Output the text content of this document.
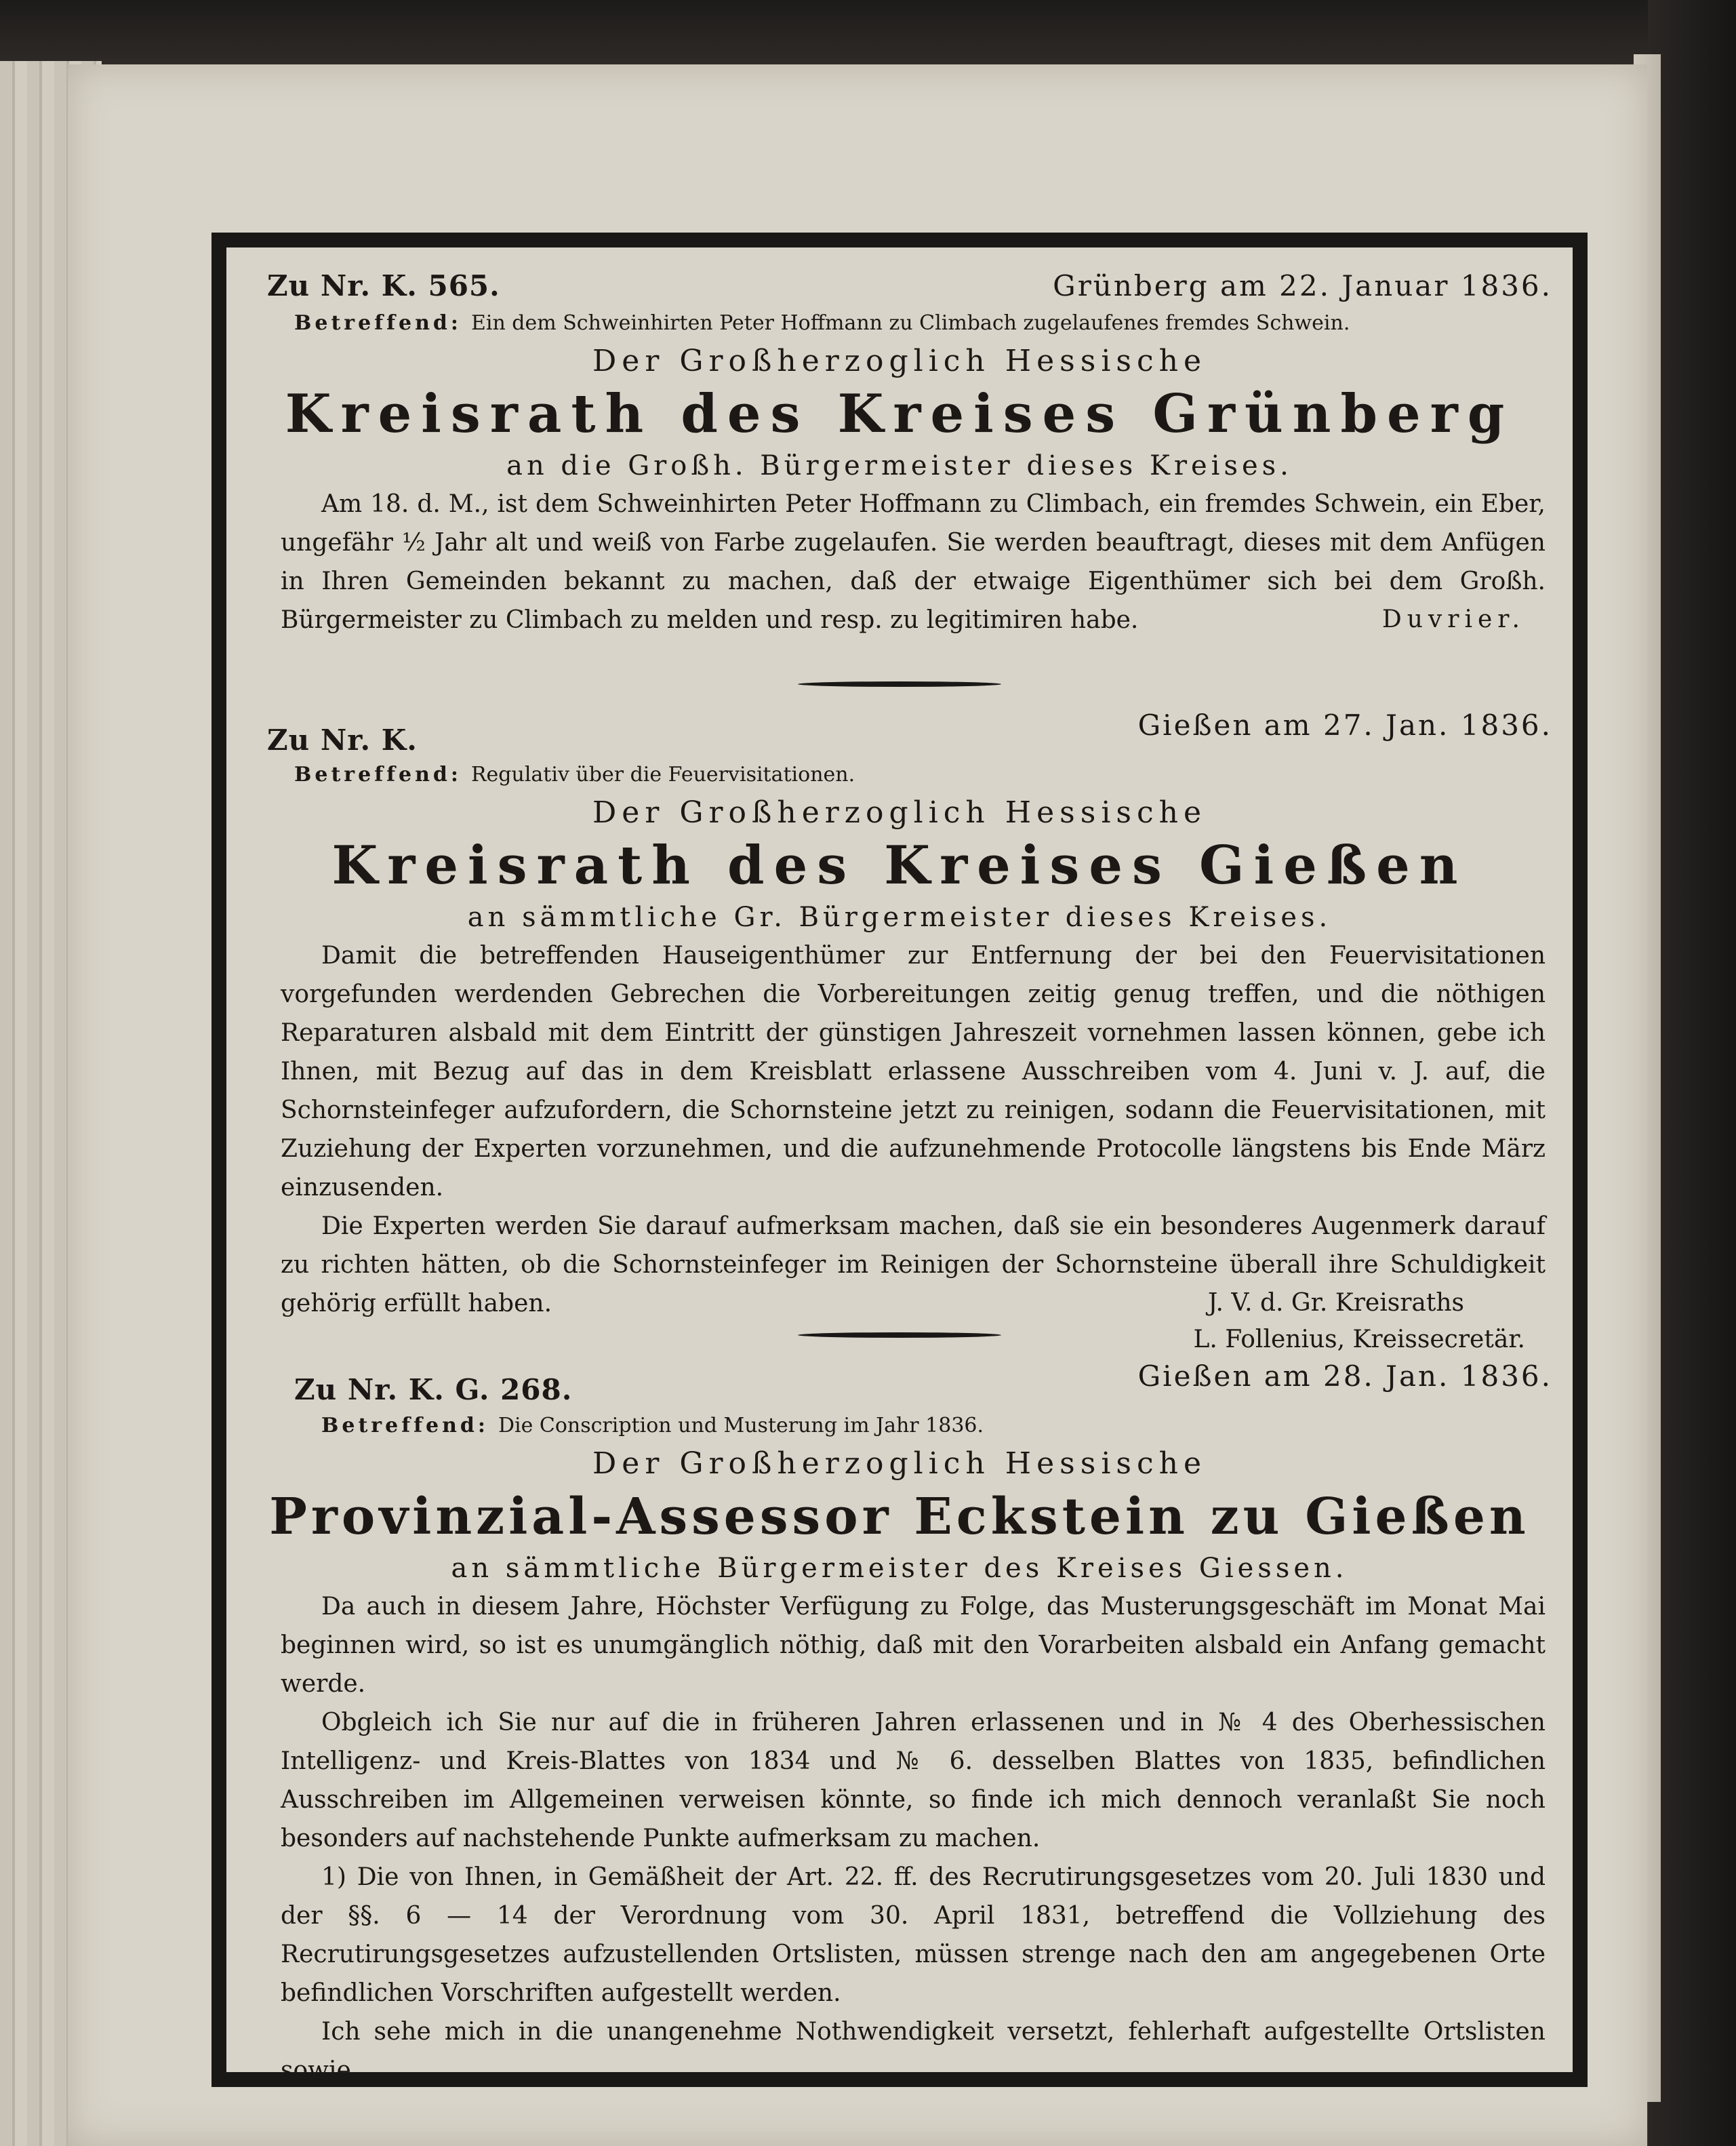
Zu Nr. K. 565.	Grünberg am 22. Januar 1836.
Betreffend: Ein dem Schweinhirten Peter Hoffmann zu Climbach zugelaufenes fremdes Schwein.
Der Großherzoglich Hessische
Kreisrath des Kreises Grünberg
an die Großh. Bürgermeister dieses Kreises.

Am 18. d. M., ist dem Schweinhirten Peter Hoffmann zu Climbach, ein fremdes Schwein, ein Eber, ungefähr ½ Jahr alt und weiß von Farbe zugelaufen. Sie werden beauftragt, dieses mit dem Anfügen in Ihren Gemeinden bekannt zu machen, daß der etwaige Eigenthümer sich bei dem Großh. Bürgermeister zu Climbach zu melden und resp. zu legitimiren habe.	Duvrier.
Zu Nr. K.	Gießen am 27. Jan. 1836.
Betreffend: Regulativ über die Feuervisitationen.
Der Großherzoglich Hessische
Kreisrath des Kreises Gießen
an sämmtliche Gr. Bürgermeister dieses Kreises.

Damit die betreffenden Hauseigenthümer zur Entfernung der bei den Feuervisitationen vorgefunden werdenden Gebrechen die Vorbereitungen zeitig genug treffen, und die nöthigen Reparaturen alsbald mit dem Eintritt der günstigen Jahreszeit vornehmen lassen können, gebe ich Ihnen, mit Bezug auf das in dem Kreisblatt erlassene Ausschreiben vom 4. Juni v. J. auf, die Schornsteinfeger aufzufordern, die Schornsteine jetzt zu reinigen, sodann die Feuervisitationen, mit Zuziehung der Experten vorzunehmen, und die aufzunehmende Protocolle längstens bis Ende März einzusenden.

Die Experten werden Sie darauf aufmerksam machen, daß sie ein besonderes Augenmerk darauf zu richten hätten, ob die Schornsteinfeger im Reinigen der Schornsteine überall ihre Schuldigkeit gehörig erfüllt haben.	J. V. d. Gr. Kreisraths
L. Follenius, Kreissecretär.
Zu Nr. K. G. 268.	Gießen am 28. Jan. 1836.
Betreffend: Die Conscription und Musterung im Jahr 1836.
Der Großherzoglich Hessische
Provinzial-Assessor Eckstein zu Gießen
an sämmtliche Bürgermeister des Kreises Giessen.

Da auch in diesem Jahre, Höchster Verfügung zu Folge, das Musterungsgeschäft im Monat Mai beginnen wird, so ist es unumgänglich nöthig, daß mit den Vorarbeiten alsbald ein Anfang gemacht werde.

Obgleich ich Sie nur auf die in früheren Jahren erlassenen und in № 4 des Oberhessischen Intelligenz- und Kreis-Blattes von 1834 und № 6. desselben Blattes von 1835, befindlichen Ausschreiben im Allgemeinen verweisen könnte, so finde ich mich dennoch veranlaßt Sie noch besonders auf nachstehende Punkte aufmerksam zu machen.

1) Die von Ihnen, in Gemäßheit der Art. 22. ff. des Recrutirungsgesetzes vom 20. Juli 1830 und der §§. 6 — 14 der Verordnung vom 30. April 1831, betreffend die Vollziehung des Recrutirungsgesetzes aufzustellenden Ortslisten, müssen strenge nach den am angegebenen Orte befindlichen Vorschriften aufgestellt werden.

Ich sehe mich in die unangenehme Nothwendigkeit versetzt, fehlerhaft aufgestellte Ortslisten sowie
